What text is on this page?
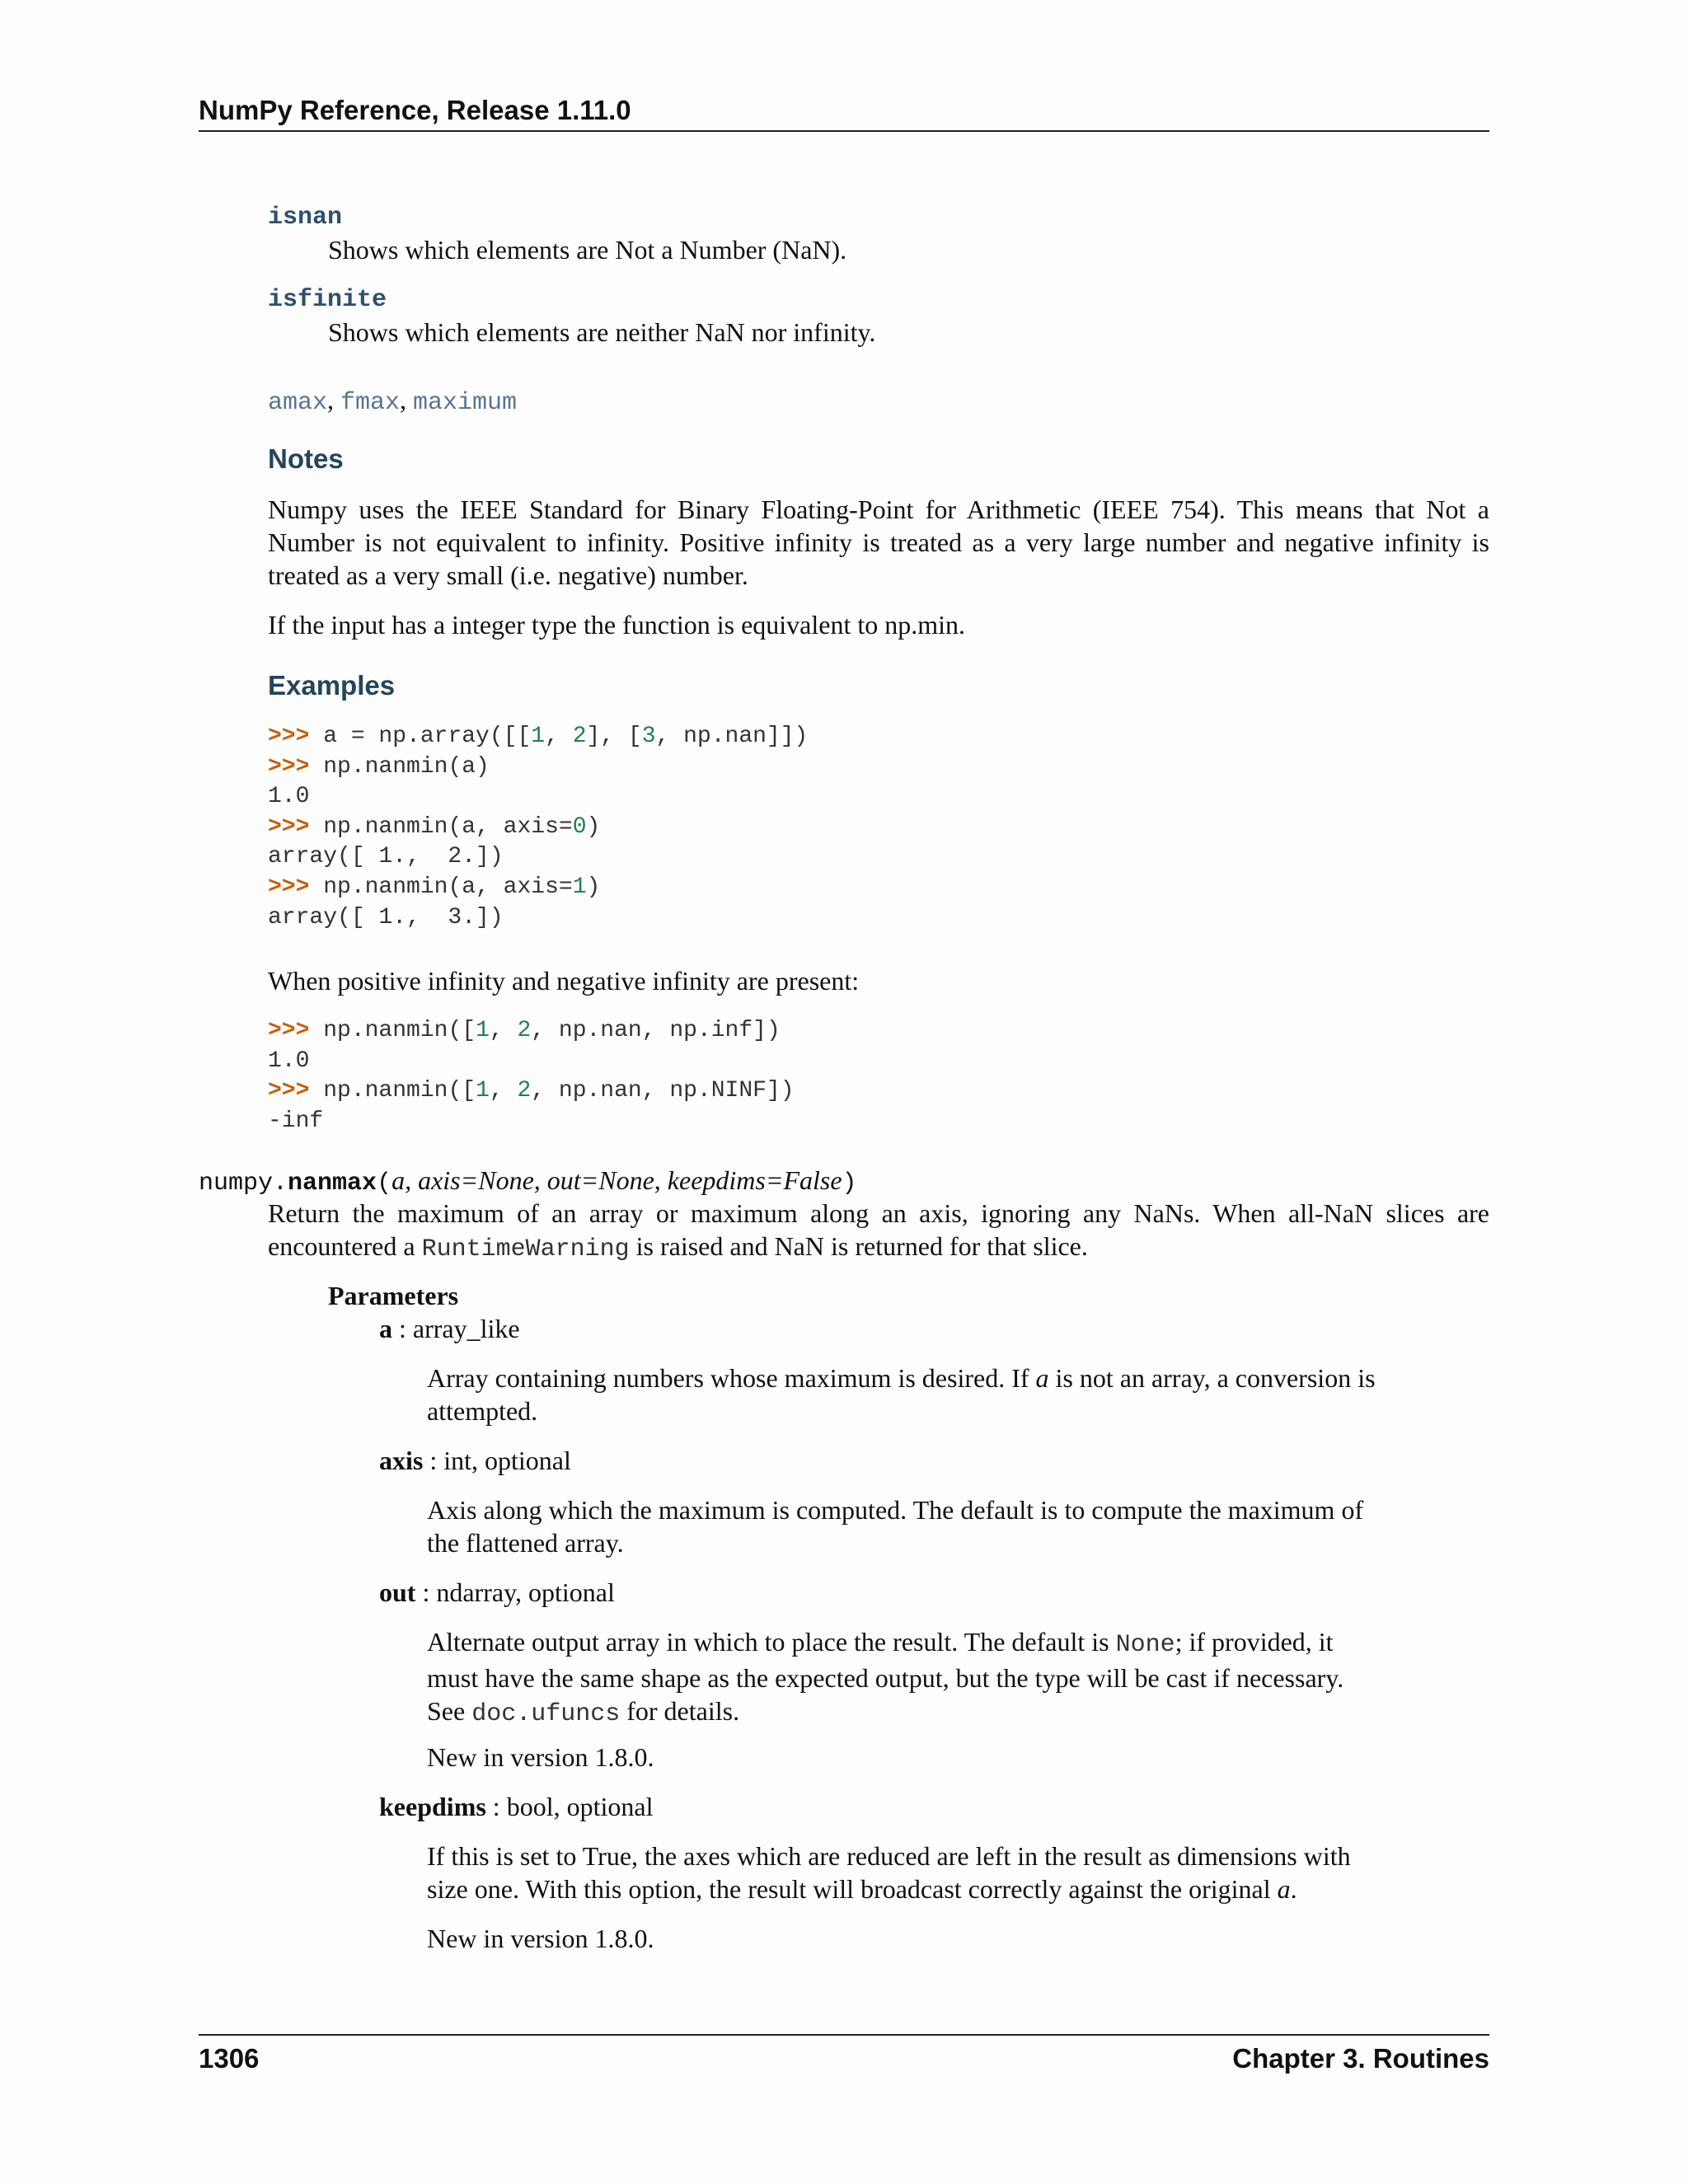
NumPy Reference, Release 1.11.0
isnan
Shows which elements are Not a Number (NaN).
isfinite
Shows which elements are neither NaN nor infinity.
amax, fmax, maximum
Notes
Numpy uses the IEEE Standard for Binary Floating-Point for Arithmetic (IEEE 754). This means that Not a Number is not equivalent to infinity. Positive infinity is treated as a very large number and negative infinity is treated as a very small (i.e. negative) number.
If the input has a integer type the function is equivalent to np.min.
Examples
>>> a = np.array([[1, 2], [3, np.nan]])
>>> np.nanmin(a)
1.0
>>> np.nanmin(a, axis=0)
array([ 1.,  2.])
>>> np.nanmin(a, axis=1)
array([ 1.,  3.])
When positive infinity and negative infinity are present:
>>> np.nanmin([1, 2, np.nan, np.inf])
1.0
>>> np.nanmin([1, 2, np.nan, np.NINF])
-inf
numpy.nanmax(a, axis=None, out=None, keepdims=False)
Return the maximum of an array or maximum along an axis, ignoring any NaNs. When all-NaN slices are encountered a RuntimeWarning is raised and NaN is returned for that slice.
Parameters
a : array_like
Array containing numbers whose maximum is desired. If a is not an array, a conversion is attempted.
axis : int, optional
Axis along which the maximum is computed. The default is to compute the maximum of the flattened array.
out : ndarray, optional
Alternate output array in which to place the result. The default is None; if provided, it must have the same shape as the expected output, but the type will be cast if necessary. See doc.ufuncs for details.
New in version 1.8.0.
keepdims : bool, optional
If this is set to True, the axes which are reduced are left in the result as dimensions with size one. With this option, the result will broadcast correctly against the original a.
New in version 1.8.0.
1306	Chapter 3. Routines
